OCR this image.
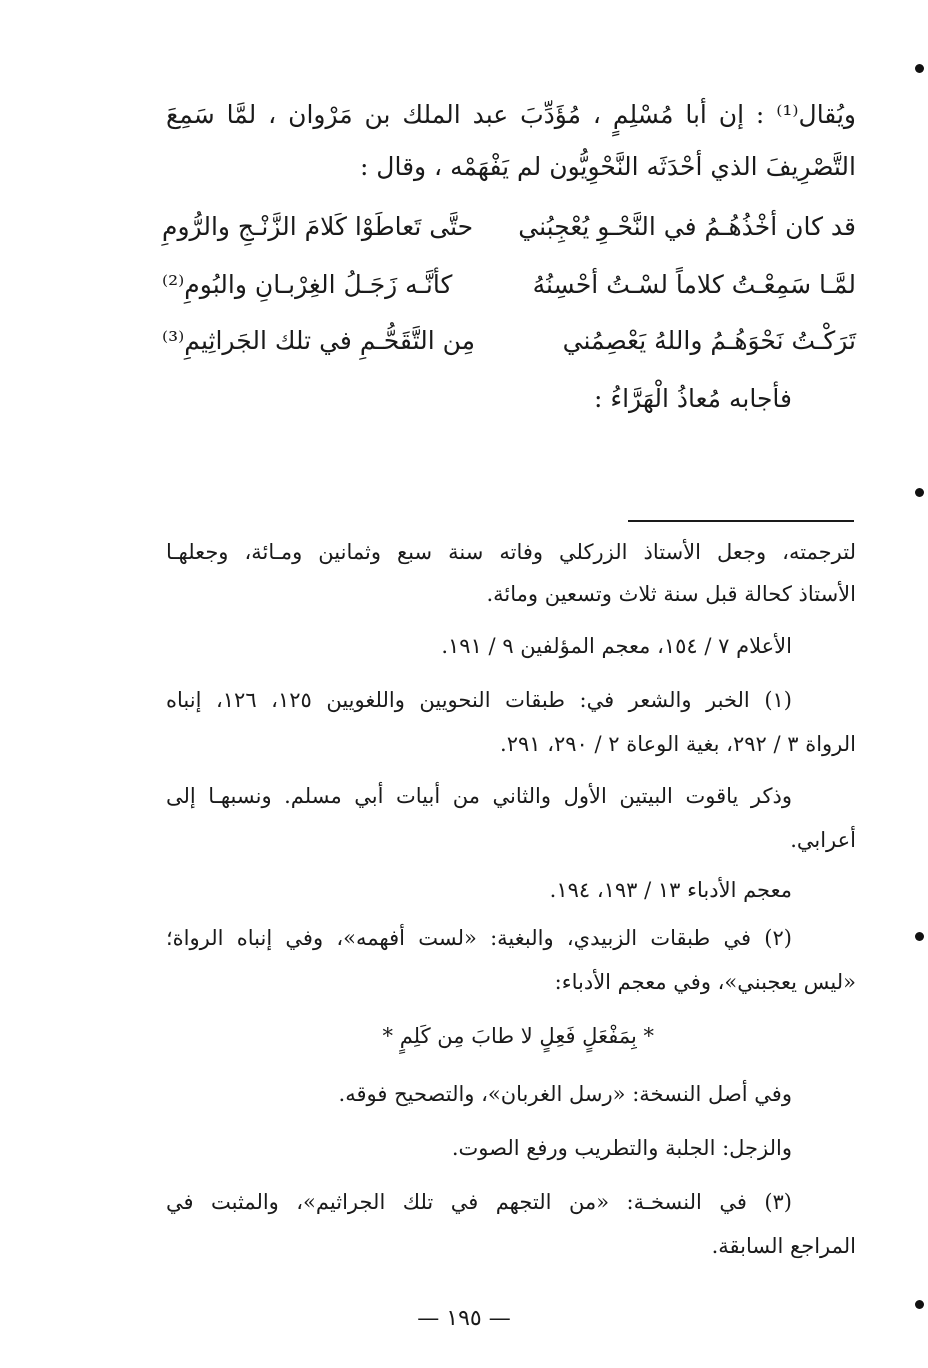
ويُقال⁽¹⁾ : إن أبا مُسْلِمٍ ، مُؤَدِّبَ عبد الملك بن مَرْوان ، لمَّا سَمِعَ
التَّصْرِيفَ الذي أحْدَثَه النَّحْوِيُّون لم يَفْهَمْه ، وقال :
قد كان أخْذُهُـمُ في النَّحْـوِ يُعْجِبُني
حتَّى تَعاطَوْا كَلامَ الزَّنْـجِ والرُّومِ
لمَّـا سَمِعْـتُ كلاماً لسْـتُ أحْسِنُهُ
كأنَّـه زَجَـلُ الغِرْبـانِ والبُومِ⁽²⁾
تَرَكْـتُ نَحْوَهُـمُ واللهُ يَعْصِمُني
مِن التَّقَحُّـمِ في تلك الجَراثِيمِ⁽³⁾
فأجابه مُعاذُ الْهَرَّاءُ :
لترجمته، وجعل الأستاذ الزركلي وفاته سنة سبع وثمانين ومـائة، وجعلهـا
الأستاذ كحالة قبل سنة ثلاث وتسعين ومائة.
الأعلام ٧ / ١٥٤، معجم المؤلفين ٩ / ١٩١.
(١) الخبر والشعر في: طبقات النحويين واللغويين ١٢٥، ١٢٦، إنباه
الرواة ٣ / ٢٩٢، بغية الوعاة ٢ / ٢٩٠، ٢٩١.
وذكر ياقوت البيتين الأول والثاني من أبيات أبي مسلم. ونسبهـا إلى
أعرابي.
معجم الأدباء ١٣ / ١٩٣، ١٩٤.
(٢) في طبقات الزبيدي، والبغية: «لست أفهمه»، وفي إنباه الرواة؛
«ليس يعجبني»، وفي معجم الأدباء:
* بِمَفْعَلٍ فَعِلٍ لا طابَ مِن كَلِمٍ *
وفي أصل النسخة: «رسل الغربان»، والتصحيح فوقه.
والزجل: الجلبة والتطريب ورفع الصوت.
(٣) في النسخـة: «من التجهم في تلك الجراثيم»، والمثبت في
المراجع السابقة.
— ١٩٥ —
